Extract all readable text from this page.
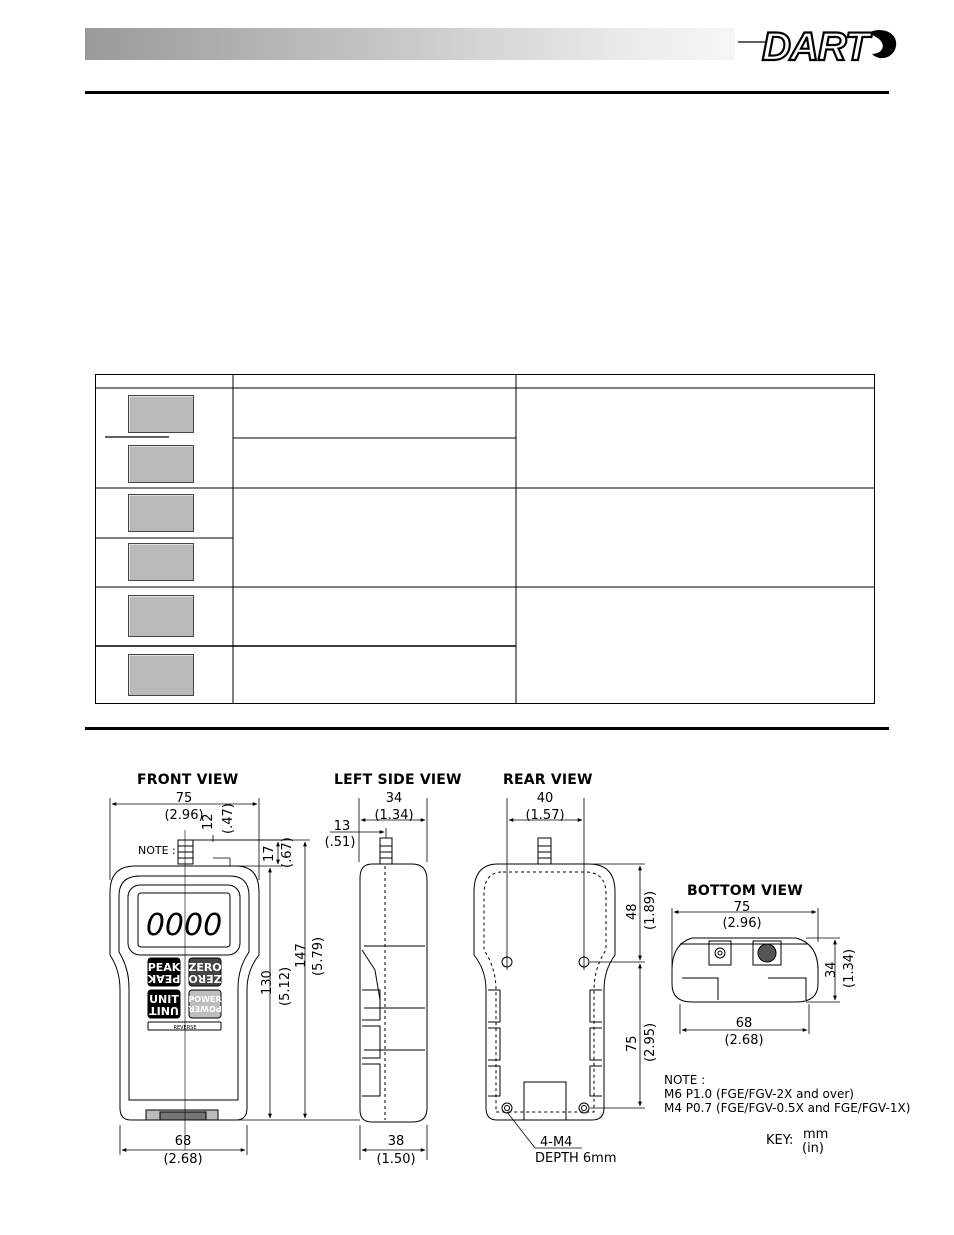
DART
FRONT VIEW	LEFT SIDE VIEW	REAR VIEW
BOTTOM VIEW
0000
PEAK
PEAK
ZERO
ZERO
UNIT
UNIT
POWER
POWER
REVERSE
75
(2.96)
12 (.47)
17 (.67)
130 (5.12)
147 (5.79)
68
(2.68)
NOTE :
34
(1.34)
13
(.51)
38
(1.50)
40
(1.57)
48 (1.89)
75 (2.95)
4-M4
DEPTH 6mm
75
(2.96)
68
(2.68)
34 (1.34)
NOTE :
M6 P1.0 (FGE/FGV-2X and over)
M4 P0.7 (FGE/FGV-0.5X and FGE/FGV-1X)
KEY: mm
(in)
